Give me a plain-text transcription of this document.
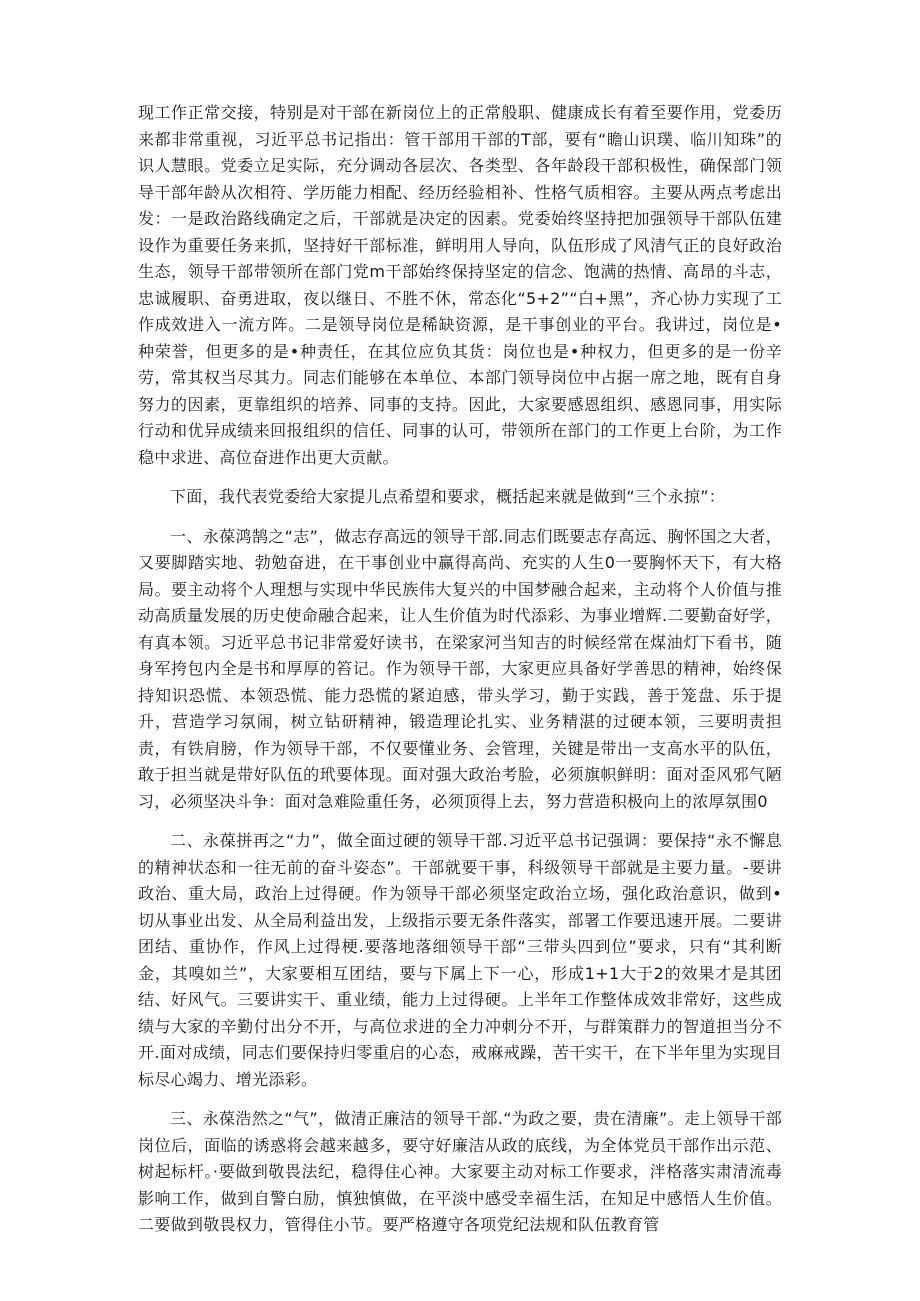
现工作正常交接，特别是对干部在新岗位上的正常般职、健康成长有着至要作用，党委历来都非常重视，习近平总书记指出：管干部用干部的T部，要有“瞻山识璞、临川知珠”的识人慧眼。党委立足实际，充分调动各层次、各类型、各年龄段干部积极性，确保部门领导干部年龄从次相符、学历能力相配、经历经验相补、性格气质相容。主要从两点考虑出发：一是政治路线确定之后，干部就是决定的因素。党委始终坚持把加强领导干部队伍建设作为重要任务来抓，坚持好干部标准，鲜明用人导向，队伍形成了风清气正的良好政治生态，领导干部带领所在部门党m干部始终保持坚定的信念、饱满的热情、高昂的斗志，忠诚履职、奋勇进取，夜以继日、不胜不休，常态化“5+2”“白+黑”，齐心协力实现了工作成效进入一流方阵。二是领导岗位是稀缺资源，是干事创业的平台。我讲过，岗位是•种荣誉，但更多的是•种责任，在其位应负其货：岗位也是•种权力，但更多的是一份辛劳，常其权当尽其力。同志们能够在本单位、本部门领导岗位中占据一席之地，既有自身努力的因素，更靠组织的培养、同事的支持。因此，大家要感恩组织、感恩同事，用实际行动和优异成绩来回报组织的信任、同事的认可，带领所在部门的工作更上台阶，为工作稳中求进、高位奋进作出更大贡献。

下面，我代表党委给大家提儿点希望和要求，概括起来就是做到“三个永掠”：

一、永葆鸿鹄之“志”，做志存高远的领导干部.同志们既要志存高远、胸怀国之大者，又要脚踏实地、勃勉奋进，在干事创业中赢得高尚、充实的人生0一要胸怀天下，有大格局。要主动将个人理想与实现中华民族伟大复兴的中国梦融合起来，主动将个人价值与推动高质量发展的历史使命融合起来，让人生价值为时代添彩、为事业增辉.二要勤奋好学，有真本领。习近平总书记非常爱好读书，在梁家河当知吉的时候经常在煤油灯下看书，随身军挎包内全是书和厚厚的笞记。作为领导干部，大家更应具备好学善思的精神，始终保持知识恐慌、本领恐慌、能力恐慌的紧迫感，带头学习，勤于实践，善于笼盘、乐于提升，营造学习氛闹，树立钻研精神，锻造理论扎实、业务精湛的过硬本领，三要明责担责，有铁肩膀，作为领导干部，不仅要懂业务、会管理，关键是带出一支高水平的队伍，敢于担当就是带好队伍的玳要体现。面对强大政治考脸，必须旗帜鲜明：面对歪风邪气陋习，必须坚决斗争：面对急难险重任务，必须顶得上去，努力营造积极向上的浓厚氛围0

二、永葆拼再之“力”，做全面过硬的领导干部.习近平总书记强调：要保持“永不懈息的精神状态和一往无前的奋斗姿态”。干部就要干事，科级领导干部就是主要力量。-要讲政治、重大局，政治上过得硬。作为领导干部必须坚定政治立场，强化政治意识，做到•切从事业出发、从全局利益出发，上级指示要无条件落实，部署工作要迅速开展。二要讲团结、重协作，作风上过得梗.要落地落细领导干部“三带头四到位”要求，只有“其利断金，其嗅如兰”，大家要相互团结，要与下属上下一心，形成1+1大于2的效果才是其团结、好风气。三要讲实干、重业绩，能力上过得硬。上半年工作整体成效非常好，这些成绩与大家的辛勤付出分不开，与高位求进的全力冲刺分不开，与群策群力的智道担当分不开.面对成绩，同志们要保持归零重启的心态，戒麻戒躁，苦干实干，在下半年里为实现目标尽心竭力、增光添彩。

三、永葆浩然之“气”，做清正廉洁的领导干部.“为政之要，贵在清廉”。走上领导干部岗位后，面临的诱惑将会越来越多，要守好廉洁从政的底线，为全体党员干部作出示范、树起标杆。·要做到敬畏法纪，稳得住心神。大家要主动对标工作要求，泮格落实肃清流毒影响工作，做到自警白励，慎独慎做，在平淡中感受幸福生活，在知足中感悟人生价值。二要做到敬畏权力，管得住小节。要严格遵守各项党纪法规和队伍教育管
